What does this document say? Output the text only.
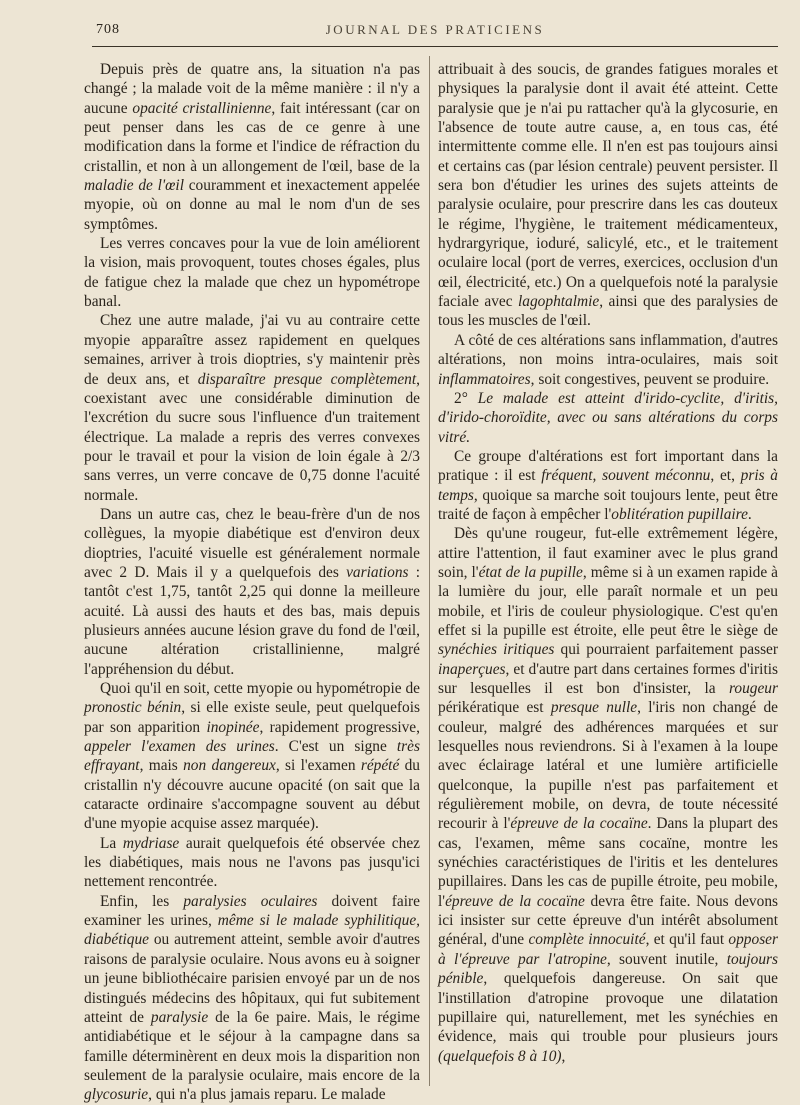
708	JOURNAL DES PRATICIENS

Depuis près de quatre ans, la situation n'a pas changé ; la malade voit de la même manière : il n'y a aucune opacité cristallinienne, fait intéressant (car on peut penser dans les cas de ce genre à une modification dans la forme et l'indice de réfraction du cristallin, et non à un allongement de l'œil, base de la maladie de l'œil couramment et inexactement appelée myopie, où on donne au mal le nom d'un de ses symptômes.

Les verres concaves pour la vue de loin améliorent la vision, mais provoquent, toutes choses égales, plus de fatigue chez la malade que chez un hypométrope banal.

Chez une autre malade, j'ai vu au contraire cette myopie apparaître assez rapidement en quelques semaines, arriver à trois dioptries, s'y maintenir près de deux ans, et disparaître presque complètement, coexistant avec une considérable diminution de l'excrétion du sucre sous l'influence d'un traitement électrique. La malade a repris des verres convexes pour le travail et pour la vision de loin égale à 2/3 sans verres, un verre concave de 0,75 donne l'acuité normale.

Dans un autre cas, chez le beau-frère d'un de nos collègues, la myopie diabétique est d'environ deux dioptries, l'acuité visuelle est généralement normale avec 2 D. Mais il y a quelquefois des variations : tantôt c'est 1,75, tantôt 2,25 qui donne la meilleure acuité. Là aussi des hauts et des bas, mais depuis plusieurs années aucune lésion grave du fond de l'œil, aucune altération cristallinienne, malgré l'appréhension du début.

Quoi qu'il en soit, cette myopie ou hypométropie de pronostic bénin, si elle existe seule, peut quelquefois par son apparition inopinée, rapidement progressive, appeler l'examen des urines. C'est un signe très effrayant, mais non dangereux, si l'examen répété du cristallin n'y découvre aucune opacité (on sait que la cataracte ordinaire s'accompagne souvent au début d'une myopie acquise assez marquée).

La mydriase aurait quelquefois été observée chez les diabétiques, mais nous ne l'avons pas jusqu'ici nettement rencontrée.

Enfin, les paralysies oculaires doivent faire examiner les urines, même si le malade syphilitique, diabétique ou autrement atteint, semble avoir d'autres raisons de paralysie oculaire. Nous avons eu à soigner un jeune bibliothécaire parisien envoyé par un de nos distingués médecins des hôpitaux, qui fut subitement atteint de paralysie de la 6e paire. Mais, le régime antidiabétique et le séjour à la campagne dans sa famille déterminèrent en deux mois la disparition non seulement de la paralysie oculaire, mais encore de la glycosurie, qui n'a plus jamais reparu. Le malade

attribuait à des soucis, de grandes fatigues morales et physiques la paralysie dont il avait été atteint. Cette paralysie que je n'ai pu rattacher qu'à la glycosurie, en l'absence de toute autre cause, a, en tous cas, été intermittente comme elle. Il n'en est pas toujours ainsi et certains cas (par lésion centrale) peuvent persister. Il sera bon d'étudier les urines des sujets atteints de paralysie oculaire, pour prescrire dans les cas douteux le régime, l'hygiène, le traitement médicamenteux, hydrargyrique, ioduré, salicylé, etc., et le traitement oculaire local (port de verres, exercices, occlusion d'un œil, électricité, etc.) On a quelquefois noté la paralysie faciale avec lagophtalmie, ainsi que des paralysies de tous les muscles de l'œil.

A côté de ces altérations sans inflammation, d'autres altérations, non moins intra-oculaires, mais soit inflammatoires, soit congestives, peuvent se produire.

2° Le malade est atteint d'irido-cyclite, d'iritis, d'irido-choroïdite, avec ou sans altérations du corps vitré.

Ce groupe d'altérations est fort important dans la pratique : il est fréquent, souvent méconnu, et, pris à temps, quoique sa marche soit toujours lente, peut être traité de façon à empêcher l'oblitération pupillaire.

Dès qu'une rougeur, fut-elle extrêmement légère, attire l'attention, il faut examiner avec le plus grand soin, l'état de la pupille, même si à un examen rapide à la lumière du jour, elle paraît normale et un peu mobile, et l'iris de couleur physiologique. C'est qu'en effet si la pupille est étroite, elle peut être le siège de synéchies iritiques qui pourraient parfaitement passer inaperçues, et d'autre part dans certaines formes d'iritis sur lesquelles il est bon d'insister, la rougeur périkératique est presque nulle, l'iris non changé de couleur, malgré des adhérences marquées et sur lesquelles nous reviendrons. Si à l'examen à la loupe avec éclairage latéral et une lumière artificielle quelconque, la pupille n'est pas parfaitement et régulièrement mobile, on devra, de toute nécessité recourir à l'épreuve de la cocaïne. Dans la plupart des cas, l'examen, même sans cocaïne, montre les synéchies caractéristiques de l'iritis et les dentelures pupillaires. Dans les cas de pupille étroite, peu mobile, l'épreuve de la cocaïne devra être faite. Nous devons ici insister sur cette épreuve d'un intérêt absolument général, d'une complète innocuité, et qu'il faut opposer à l'épreuve par l'atropine, souvent inutile, toujours pénible, quelquefois dangereuse. On sait que l'instillation d'atropine provoque une dilatation pupillaire qui, naturellement, met les synéchies en évidence, mais qui trouble pour plusieurs jours (quelquefois 8 à 10),
